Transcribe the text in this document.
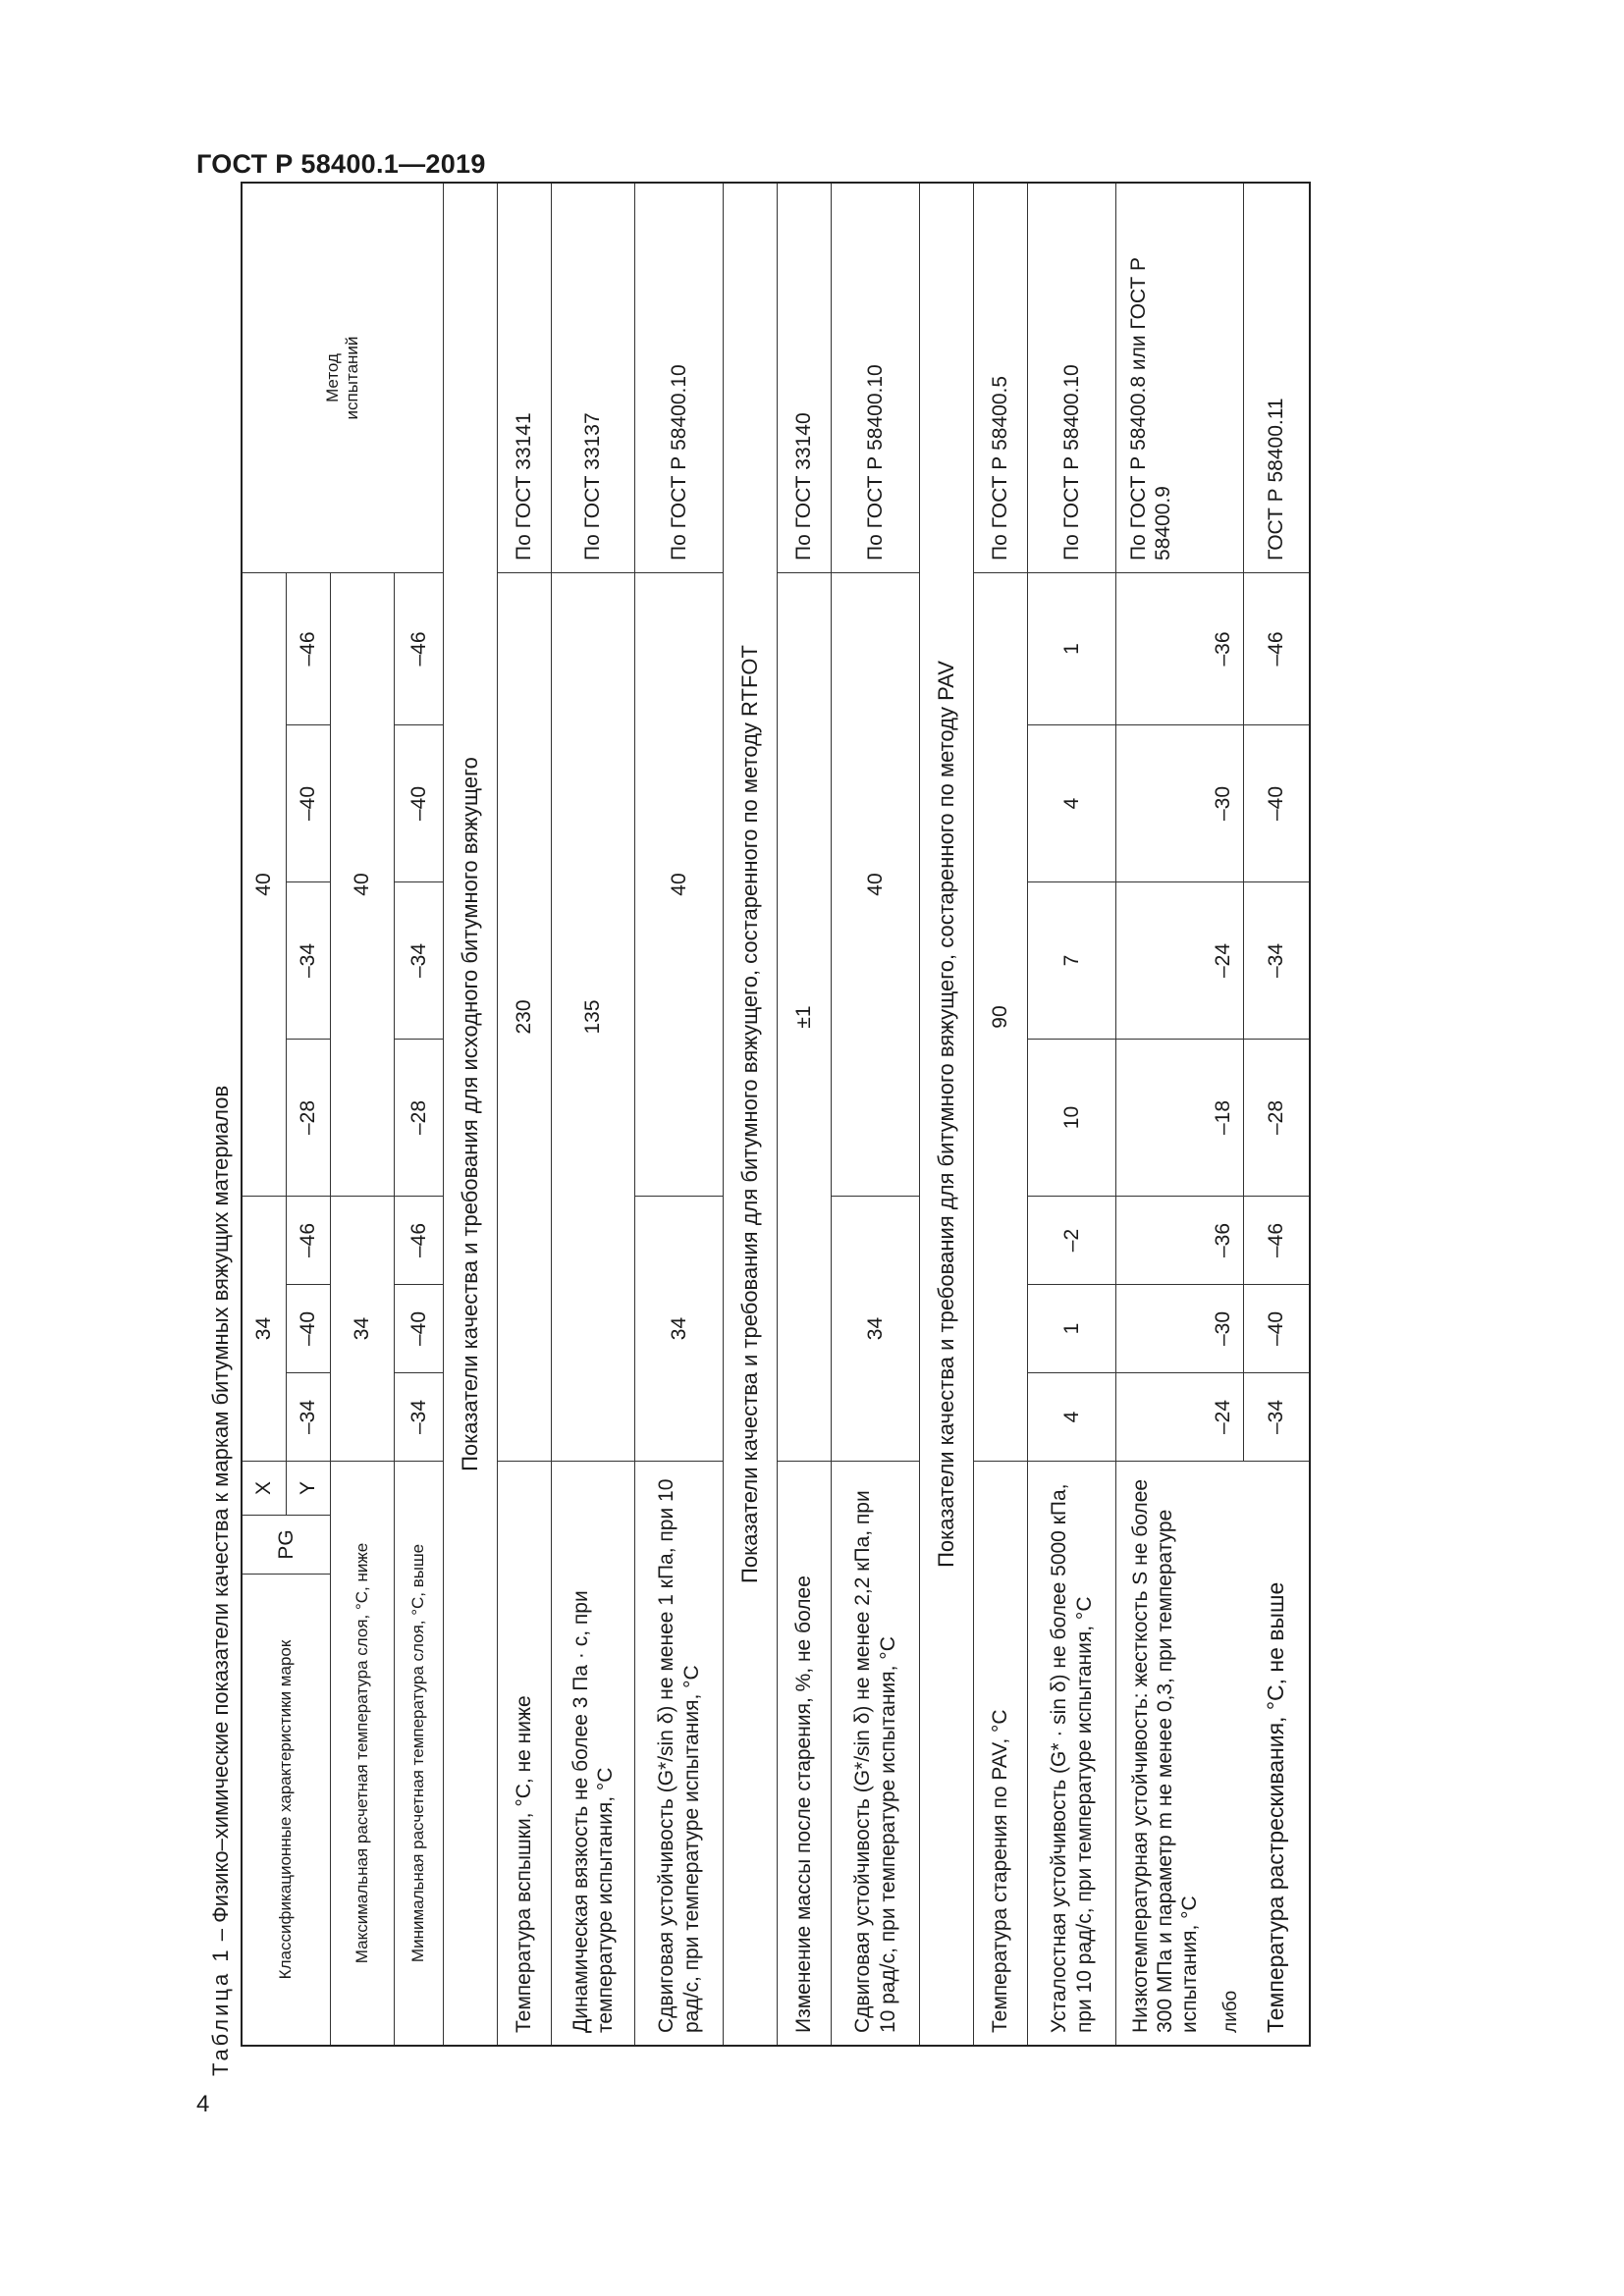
ГОСТ Р 58400.1—2019
4
Таблица 1 – Физико–химические показатели качества к маркам битумных вяжущих материалов	Классификационные характеристики марок
PG
X	Y
34
40
–34
–40
–46
–28
–34
–40
–46
Максимальная расчетная температура слоя, °C, ниже
34
40
Минимальная расчетная температура слоя, °C, выше
–34
–40
–46
–28
–34
–40
–46
Метод испытаний
Показатели качества и требования для исходного битумного вяжущего
Температура вспышки, °C, не ниже
230
По ГОСТ 33141
Динамическая вязкость не более 3 Па · с, при температуре испытания, °C
135
По ГОСТ 33137
Сдвиговая устойчивость (G*/sin δ) не менее 1 кПа, при 10 рад/с, при температуре испытания, °C
34
40
По ГОСТ Р 58400.10
Показатели качества и требования для битумного вяжущего, состаренного по методу RTFOT
Изменение массы после старения, %, не более
±1
По ГОСТ 33140
Сдвиговая устойчивость (G*/sin δ) не менее 2,2 кПа, при 10 рад/с, при температуре испытания, °C
34
40
По ГОСТ Р 58400.10
Показатели качества и требования для битумного вяжущего, состаренного по методу PAV
Температура старения по PAV, °C
90
По ГОСТ Р 58400.5
Усталостная устойчивость (G* · sin δ) не более 5000 кПа, при 10 рад/с, при температуре испытания, °C
4
1
–2
10
7
4
1
По ГОСТ Р 58400.10
Низкотемпературная устойчивость: жесткость S не более 300 МПа и параметр m не менее 0,3, при температуре испытания, °C
–24
–30
–36
–18
–24
–30
–36
По ГОСТ Р 58400.8 или ГОСТ Р 58400.9
либо Температура растрескивания, °C, не выше
–34
–40
–46
–28
–34
–40
–46
ГОСТ Р 58400.11
